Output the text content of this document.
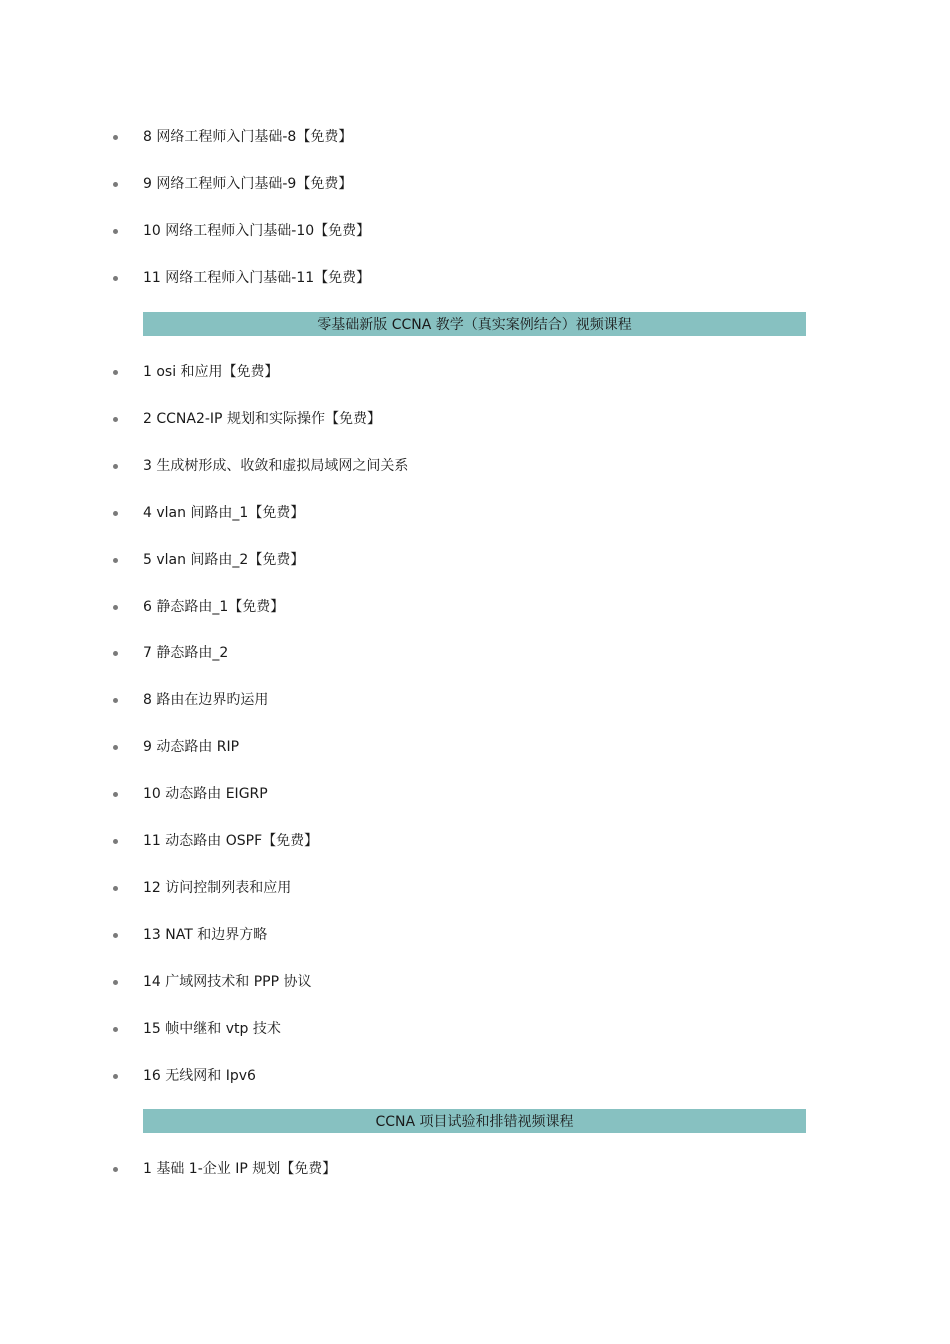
8 网络工程师入门基础-8【免费】
9 网络工程师入门基础-9【免费】
10 网络工程师入门基础-10【免费】
11 网络工程师入门基础-11【免费】
零基础新版 CCNA 教学（真实案例结合）视频课程
1 osi 和应用【免费】
2 CCNA2-IP 规划和实际操作【免费】
3 生成树形成、收敛和虚拟局域网之间关系
4 vlan 间路由_1【免费】
5 vlan 间路由_2【免费】
6 静态路由_1【免费】
7 静态路由_2
8 路由在边界旳运用
9 动态路由 RIP
10 动态路由 EIGRP
11 动态路由 OSPF【免费】
12 访问控制列表和应用
13 NAT 和边界方略
14 广域网技术和 PPP 协议
15 帧中继和 vtp 技术
16 无线网和 Ipv6
CCNA 项目试验和排错视频课程
1 基础 1-企业 IP 规划【免费】
